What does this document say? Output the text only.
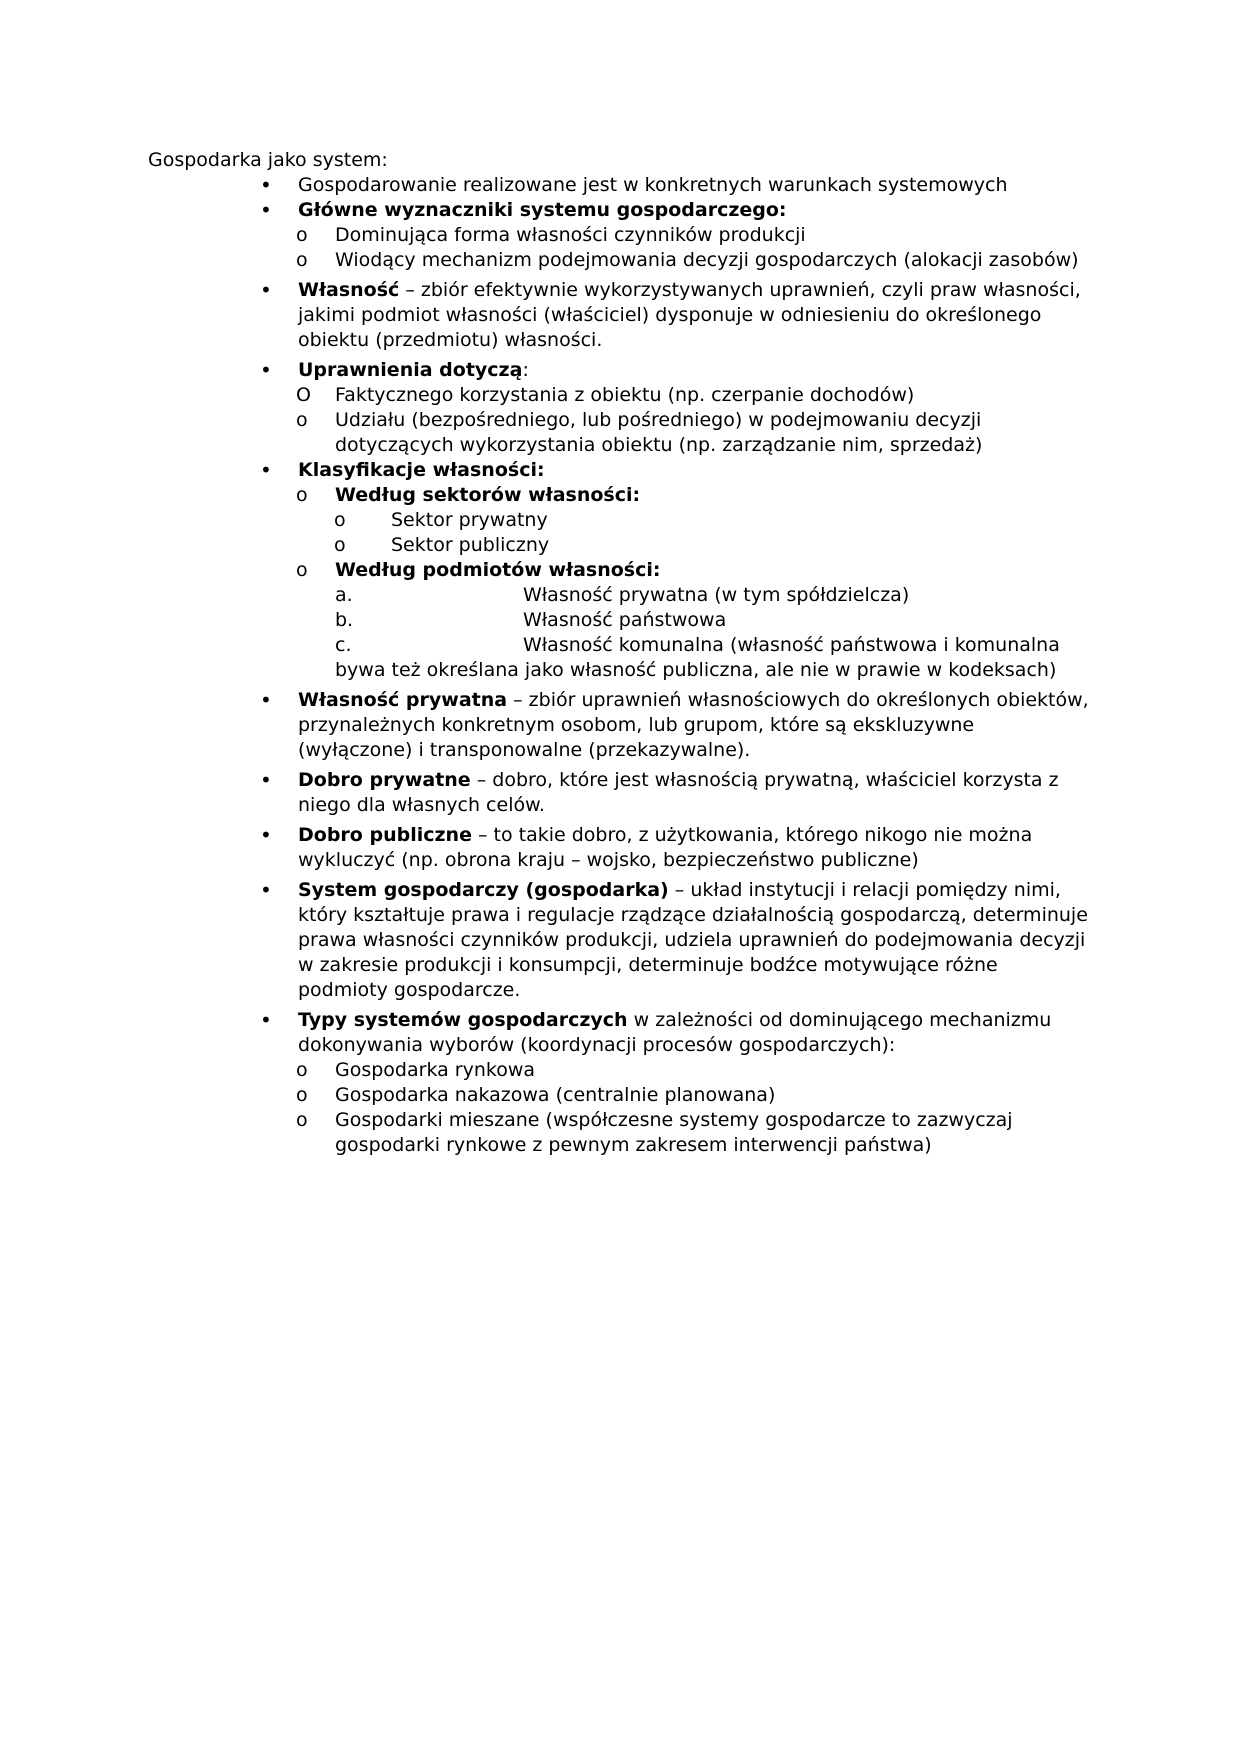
Gospodarka jako system:
• Gospodarowanie realizowane jest w konkretnych warunkach systemowych
• Główne wyznaczniki systemu gospodarczego:
o Dominująca forma własności czynników produkcji
o Wiodący mechanizm podejmowania decyzji gospodarczych (alokacji zasobów)
• Własność – zbiór efektywnie wykorzystywanych uprawnień, czyli praw własności, jakimi podmiot własności (właściciel) dysponuje w odniesieniu do określonego obiektu (przedmiotu) własności.
• Uprawnienia dotyczą:
O Faktycznego korzystania z obiektu (np. czerpanie dochodów)
o Udziału (bezpośredniego, lub pośredniego) w podejmowaniu decyzji dotyczących wykorzystania obiektu (np. zarządzanie nim, sprzedaż)
• Klasyfikacje własności:
o Według sektorów własności:
o Sektor prywatny
o Sektor publiczny
o Według podmiotów własności:
a.	Własność prywatna (w tym spółdzielcza)
b.	Własność państwowa
c.	Własność komunalna (własność państwowa i komunalna bywa też określana jako własność publiczna, ale nie w prawie w kodeksach)
• Własność prywatna – zbiór uprawnień własnościowych do określonych obiektów, przynależnych konkretnym osobom, lub grupom, które są ekskluzywne (wyłączone) i transponowalne (przekazywalne).
• Dobro prywatne – dobro, które jest własnością prywatną, właściciel korzysta z niego dla własnych celów.
• Dobro publiczne – to takie dobro, z użytkowania, którego nikogo nie można wykluczyć (np. obrona kraju – wojsko, bezpieczeństwo publiczne)
• System gospodarczy (gospodarka) – układ instytucji i relacji pomiędzy nimi, który kształtuje prawa i regulacje rządzące działalnością gospodarczą, determinuje prawa własności czynników produkcji, udziela uprawnień do podejmowania decyzji w zakresie produkcji i konsumpcji, determinuje bodźce motywujące różne podmioty gospodarcze.
• Typy systemów gospodarczych w zależności od dominującego mechanizmu dokonywania wyborów (koordynacji procesów gospodarczych):
o Gospodarka rynkowa
o Gospodarka nakazowa (centralnie planowana)
o Gospodarki mieszane (współczesne systemy gospodarcze to zazwyczaj gospodarki rynkowe z pewnym zakresem interwencji państwa)
